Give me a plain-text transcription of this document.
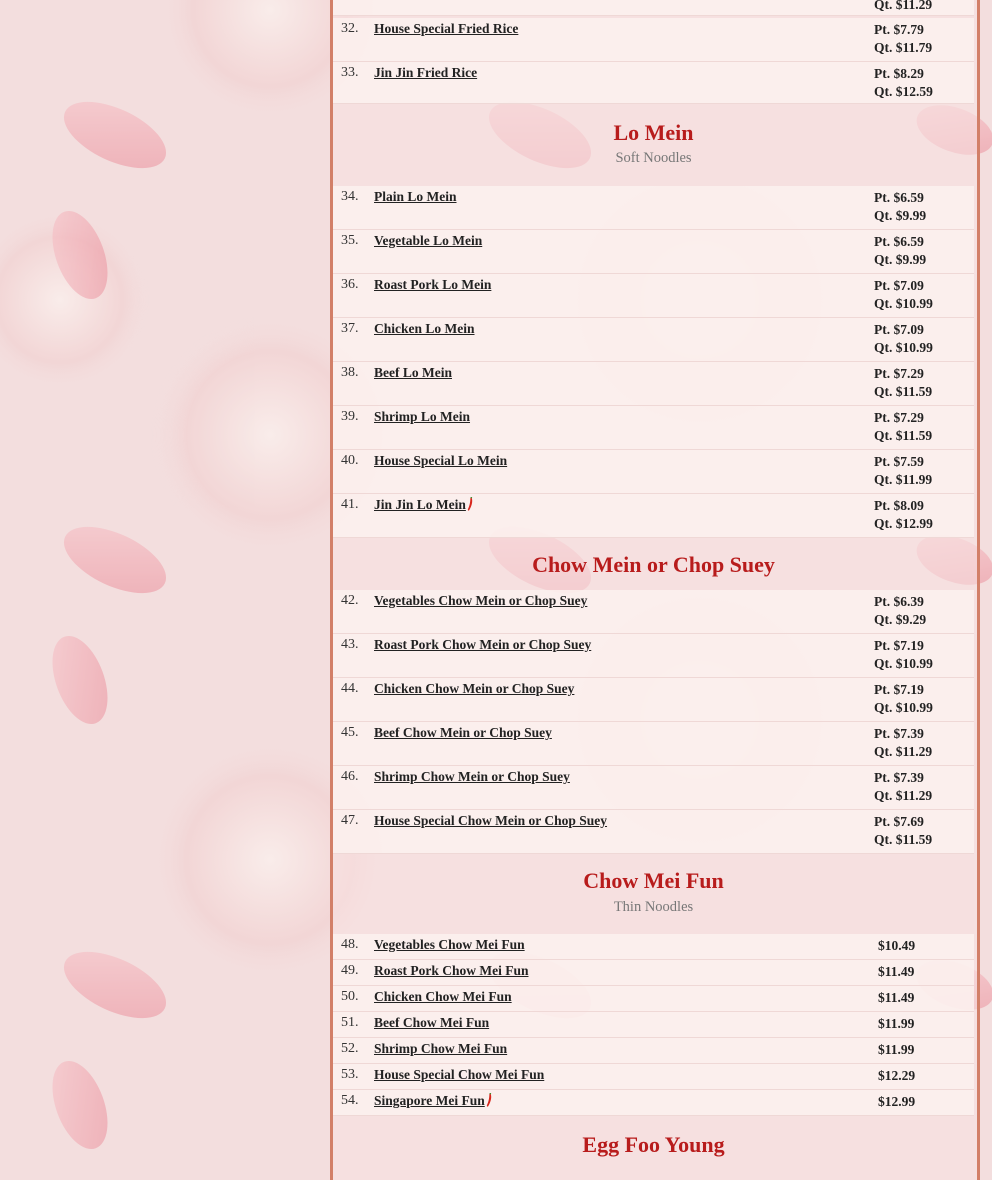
Qt. $11.29
32. House Special Fried Rice	Pt. $7.79
Qt. $11.79
33. Jin Jin Fried Rice	Pt. $8.29
Qt. $12.59
Lo Mein
Soft Noodles
34. Plain Lo Mein	Pt. $6.59
Qt. $9.99
35. Vegetable Lo Mein	Pt. $6.59
Qt. $9.99
36. Roast Pork Lo Mein	Pt. $7.09
Qt. $10.99
37. Chicken Lo Mein	Pt. $7.09
Qt. $10.99
38. Beef Lo Mein	Pt. $7.29
Qt. $11.59
39. Shrimp Lo Mein	Pt. $7.29
Qt. $11.59
40. House Special Lo Mein	Pt. $7.59
Qt. $11.99
41. Jin Jin Lo Mein	Pt. $8.09
Qt. $12.99
Chow Mein or Chop Suey
42. Vegetables Chow Mein or Chop Suey	Pt. $6.39
Qt. $9.29
43. Roast Pork Chow Mein or Chop Suey	Pt. $7.19
Qt. $10.99
44. Chicken Chow Mein or Chop Suey	Pt. $7.19
Qt. $10.99
45. Beef Chow Mein or Chop Suey	Pt. $7.39
Qt. $11.29
46. Shrimp Chow Mein or Chop Suey	Pt. $7.39
Qt. $11.29
47. House Special Chow Mein or Chop Suey	Pt. $7.69
Qt. $11.59
Chow Mei Fun
Thin Noodles
48. Vegetables Chow Mei Fun	$10.49
49. Roast Pork Chow Mei Fun	$11.49
50. Chicken Chow Mei Fun	$11.49
51. Beef Chow Mei Fun	$11.99
52. Shrimp Chow Mei Fun	$11.99
53. House Special Chow Mei Fun	$12.29
54. Singapore Mei Fun	$12.99
Egg Foo Young
